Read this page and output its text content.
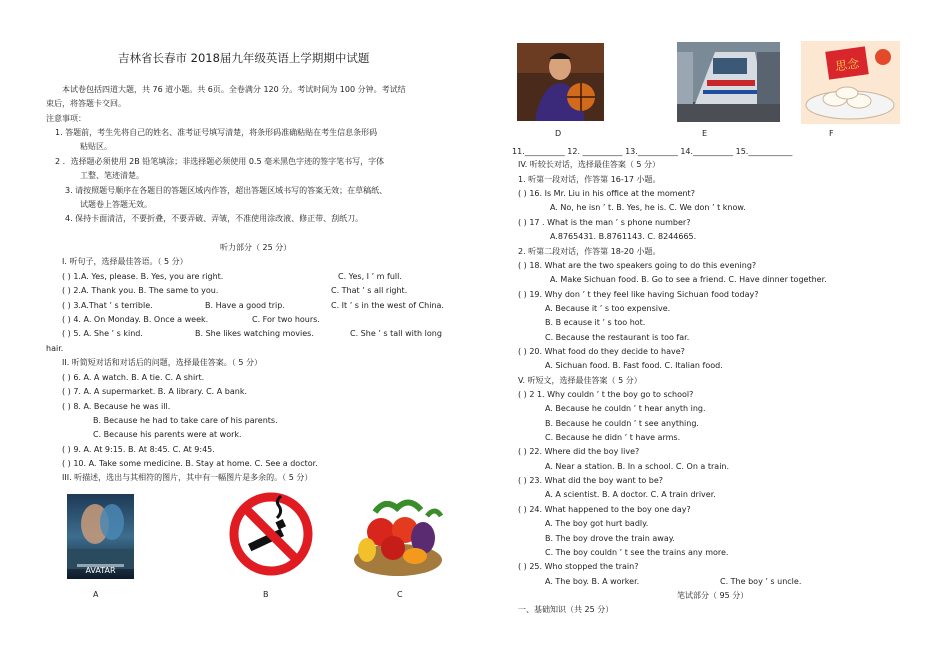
吉林省长春市 2018届九年级英语上学期期中试题
本试卷包括四道大题，共 76 道小题。共 6页。全卷满分 120 分。考试时间为 100 分钟。考试结
束后，将答题卡交回。
注意事项：
1. 答题前，考生先将自己的姓名、准考证号填写清楚，将条形码准确粘贴在考生信息条形码
粘贴区。
2 ．选择题必须使用 2B 铅笔填涂；非选择题必须使用 0.5 毫米黑色字迹的签字笔书写，字体
工整、笔迹清楚。
3. 请按照题号顺序在各题目的答题区域内作答，超出答题区域书写的答案无效；在草稿纸、
试题卷上答题无效。
4. 保持卡面清洁，不要折叠，不要弄破、弄皱，不准使用涂改液、修正带、刮纸刀。
听力部分（ 25 分）
I. 听句子，选择最佳答语。（ 5 分）
( ) 1.A. Yes, please. B. Yes, you are right.	C. Yes, I ’ m full.
( ) 2.A. Thank you. B. The same to you.	C. That ’ s all right.
( ) 3.A.That ’ s terrible.	B. Have a good trip.	C. It ’ s in the west of China.
( ) 4. A. On Monday. B. Once a week.	C. For two hours.
( ) 5. A. She ’ s kind.	B. She likes watching movies.	C. She ’ s tall with long
hair.
II. 听简短对话和对话后的问题，选择最佳答案。（ 5 分）
( ) 6. A. A watch. B. A tie. C. A shirt.
( ) 7. A. A supermarket. B. A library. C. A bank.
( ) 8. A. Because he was ill.
B. Because he had to take care of his parents.
C. Because his parents were at work.
( ) 9. A. At 9:15. B. At 8:45. C. At 9:45.
( ) 10. A. Take some medicine. B. Stay at home. C. See a doctor.
III. 听描述，选出与其相符的图片，其中有一幅图片是多余的。（ 5 分）
AVATAR
A	B	C
思念
D	E	F
11.__________ 12. __________ 13.__________ 14.__________ 15.___________
IV. 听较长对话，选择最佳答案（ 5 分）
1. 听第一段对话，作答第 16-17 小题。
( ) 16. Is Mr. Liu in his office at the moment?
A. No, he isn ’ t. B. Yes, he is. C. We don ’ t know.
( ) 17 . What is the man ’ s phone number?
A.8765431. B.8761143. C. 8244665.
2. 听第二段对话，作答第 18-20 小题。
( ) 18. What are the two speakers going to do this evening?
A. Make Sichuan food. B. Go to see a friend. C. Have dinner together.
( ) 19. Why don ’ t they feel like having Sichuan food today?
A. Because it ’ s too expensive.
B. B ecause it ’ s too hot.
C. Because the restaurant is too far.
( ) 20. What food do they decide to have?
A. Sichuan food. B. Fast food. C. Italian food.
V. 听短文，选择最佳答案（ 5 分）
( ) 2 1. Why couldn ’ t the boy go to school?
A. Because he couldn ’ t hear anyth ing.
B. Because he couldn ’ t see anything.
C. Because he didn ’ t have arms.
( ) 22. Where did the boy live?
A. Near a station. B. In a school. C. On a train.
( ) 23. What did the boy want to be?
A. A scientist. B. A doctor. C. A train driver.
( ) 24. What happened to the boy one day?
A. The boy got hurt badly.
B. The boy drove the train away.
C. The boy couldn ’ t see the trains any more.
( ) 25. Who stopped the train?
A. The boy. B. A worker.	C. The boy ’ s uncle.
笔试部分（ 95 分）
一、基础知识（共 25 分）
